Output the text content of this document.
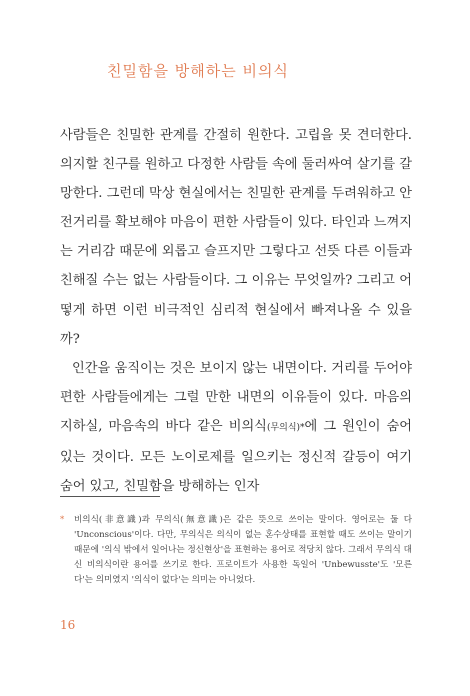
친밀함을 방해하는 비의식

사람들은 친밀한 관계를 간절히 원한다. 고립을 못 견더한다. 의지할 친구를 원하고 다정한 사람들 속에 둘러싸여 살기를 갈망한다. 그런데 막상 현실에서는 친밀한 관계를 두려워하고 안전거리를 확보해야 마음이 편한 사람들이 있다. 타인과 느껴지는 거리감 때문에 외롭고 슬프지만 그렇다고 선뜻 다른 이들과 친해질 수는 없는 사람들이다. 그 이유는 무엇일까? 그리고 어떻게 하면 이런 비극적인 심리적 현실에서 빠져나올 수 있을까?

인간을 움직이는 것은 보이지 않는 내면이다. 거리를 두어야 편한 사람들에게는 그럴 만한 내면의 이유들이 있다. 마음의 지하실, 마음속의 바다 같은 비의식(무의식)*에 그 원인이 숨어 있는 것이다. 모든 노이로제를 일으키는 정신적 갈등이 여기 숨어 있고, 친밀함을 방해하는 인자

* 비의식(非意識)과 무의식(無意識)은 같은 뜻으로 쓰이는 말이다. 영어로는 둘 다 'Unconscious'이다. 다만, 무의식은 의식이 없는 혼수상태를 표현할 때도 쓰이는 말이기 때문에 '의식 밖에서 일어나는 정신현상'을 표현하는 용어로 적당치 않다. 그래서 무의식 대신 비의식이란 용어를 쓰기로 한다. 프로이트가 사용한 독일어 'Unbewusste'도 '모른다'는 의미였지 '의식이 없다'는 의미는 아니었다.
16
